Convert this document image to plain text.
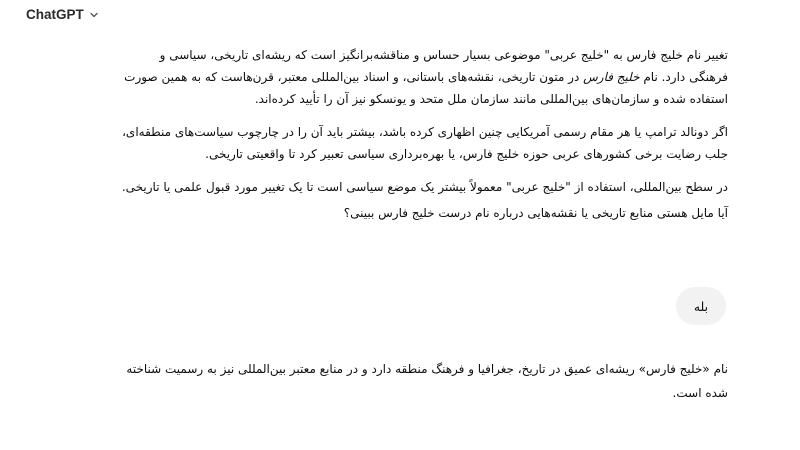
ChatGPT

تغییر نام خلیج فارس به "خلیج عربی" موضوعی بسیار حساس و مناقشه‌برانگیز است که ریشه‌ای تاریخی، سیاسی و فرهنگی دارد. نام خلیج فارس در متون تاریخی، نقشه‌های باستانی، و اسناد بین‌المللی معتبر، قرن‌هاست که به همین صورت استفاده شده و سازمان‌های بین‌المللی مانند سازمان ملل متحد و یونسکو نیز آن را تأیید کرده‌اند.

اگر دونالد ترامپ یا هر مقام رسمی آمریکایی چنین اظهاری کرده باشد، بیشتر باید آن را در چارچوب سیاست‌های منطقه‌ای، جلب رضایت برخی کشورهای عربی حوزه خلیج فارس، یا بهره‌برداری سیاسی تعبیر کرد تا واقعیتی تاریخی.

در سطح بین‌المللی، استفاده از "خلیج عربی" معمولاً بیشتر یک موضع سیاسی است تا یک تغییر مورد قبول علمی یا تاریخی.

آیا مایل هستی منابع تاریخی یا نقشه‌هایی درباره نام درست خلیج فارس ببینی؟

بله

نام «خلیج فارس» ریشه‌ای عمیق در تاریخ، جغرافیا و فرهنگ منطقه دارد و در منابع معتبر بین‌المللی نیز به رسمیت شناخته شده است.
